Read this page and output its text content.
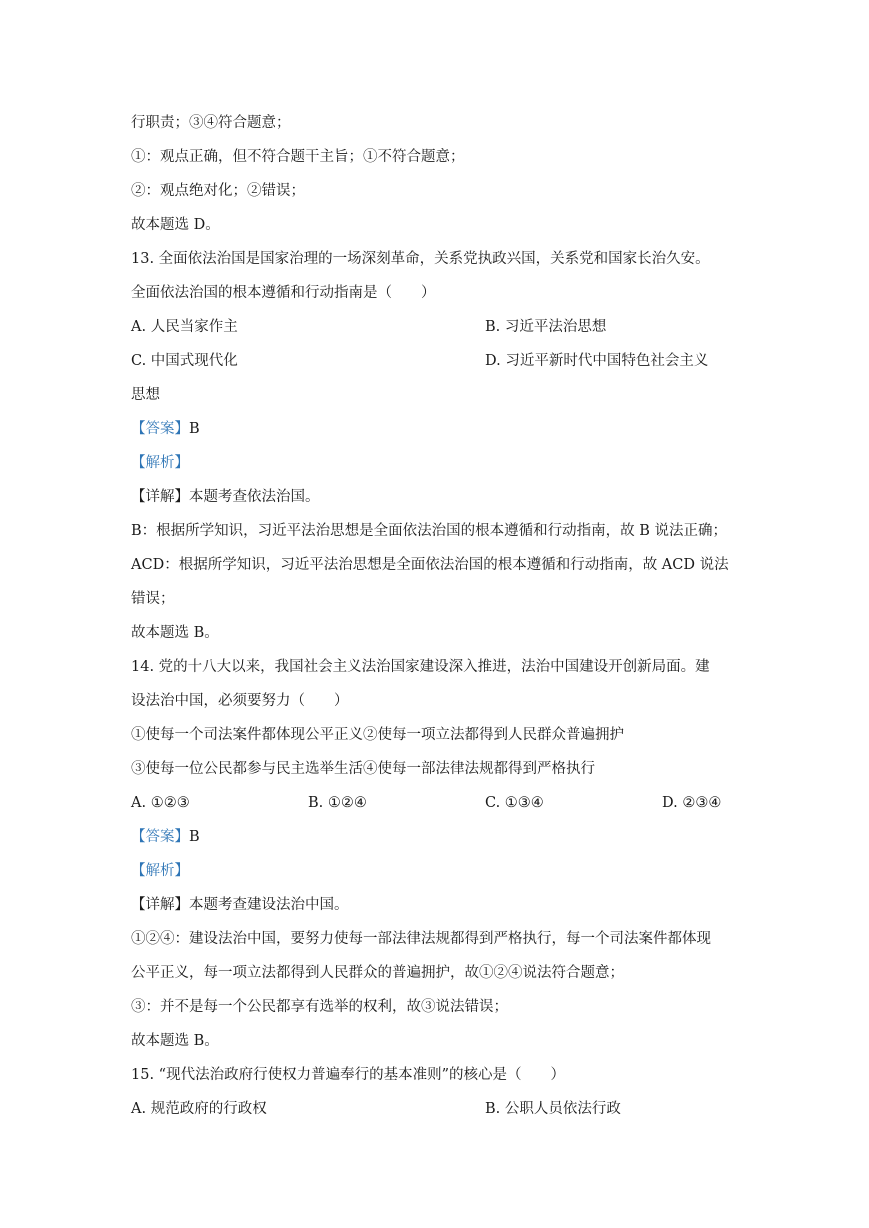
行职责；③④符合题意；
①：观点正确，但不符合题干主旨；①不符合题意；
②：观点绝对化；②错误；
故本题选 D。
13. 全面依法治国是国家治理的一场深刻革命，关系党执政兴国，关系党和国家长治久安。
全面依法治国的根本遵循和行动指南是（　　）
A. 人民当家作主	B. 习近平法治思想
C. 中国式现代化	D. 习近平新时代中国特色社会主义
思想
【答案】B
【解析】
【详解】本题考查依法治国。
B：根据所学知识，习近平法治思想是全面依法治国的根本遵循和行动指南，故 B 说法正确；
ACD：根据所学知识，习近平法治思想是全面依法治国的根本遵循和行动指南，故 ACD 说法
错误；
故本题选 B。
14. 党的十八大以来，我国社会主义法治国家建设深入推进，法治中国建设开创新局面。建
设法治中国，必须要努力（　　）
①使每一个司法案件都体现公平正义②使每一项立法都得到人民群众普遍拥护
③使每一位公民都参与民主选举生活④使每一部法律法规都得到严格执行
A. ①②③	B. ①②④	C. ①③④	D. ②③④
【答案】B
【解析】
【详解】本题考查建设法治中国。
①②④：建设法治中国，要努力使每一部法律法规都得到严格执行，每一个司法案件都体现
公平正义，每一项立法都得到人民群众的普遍拥护，故①②④说法符合题意；
③：并不是每一个公民都享有选举的权利，故③说法错误；
故本题选 B。
15. “现代法治政府行使权力普遍奉行的基本准则”的核心是（　　）
A. 规范政府的行政权	B. 公职人员依法行政
